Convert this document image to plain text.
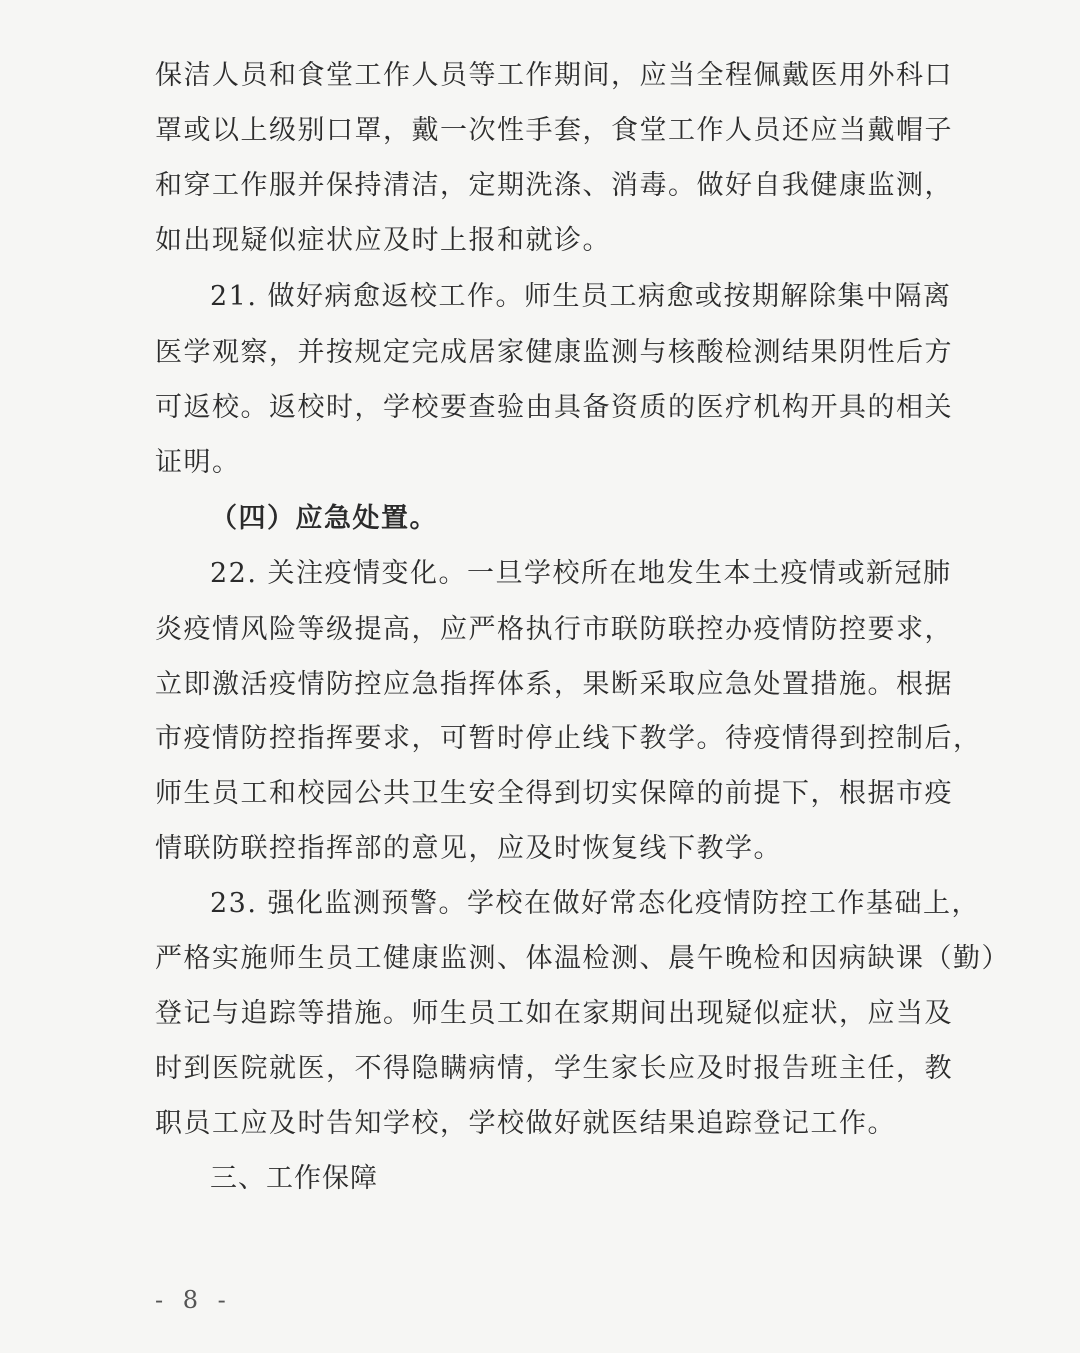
保洁人员和食堂工作人员等工作期间，应当全程佩戴医用外科口
罩或以上级别口罩，戴一次性手套，食堂工作人员还应当戴帽子
和穿工作服并保持清洁，定期洗涤、消毒。做好自我健康监测，
如出现疑似症状应及时上报和就诊。
21. 做好病愈返校工作。师生员工病愈或按期解除集中隔离
医学观察，并按规定完成居家健康监测与核酸检测结果阴性后方
可返校。返校时，学校要查验由具备资质的医疗机构开具的相关
证明。
（四）应急处置。
22. 关注疫情变化。一旦学校所在地发生本土疫情或新冠肺
炎疫情风险等级提高，应严格执行市联防联控办疫情防控要求，
立即激活疫情防控应急指挥体系，果断采取应急处置措施。根据
市疫情防控指挥要求，可暂时停止线下教学。待疫情得到控制后，
师生员工和校园公共卫生安全得到切实保障的前提下，根据市疫
情联防联控指挥部的意见，应及时恢复线下教学。
23. 强化监测预警。学校在做好常态化疫情防控工作基础上，
严格实施师生员工健康监测、体温检测、晨午晚检和因病缺课（勤）
登记与追踪等措施。师生员工如在家期间出现疑似症状，应当及
时到医院就医，不得隐瞒病情，学生家长应及时报告班主任，教
职员工应及时告知学校，学校做好就医结果追踪登记工作。
三、工作保障
- 8 -
